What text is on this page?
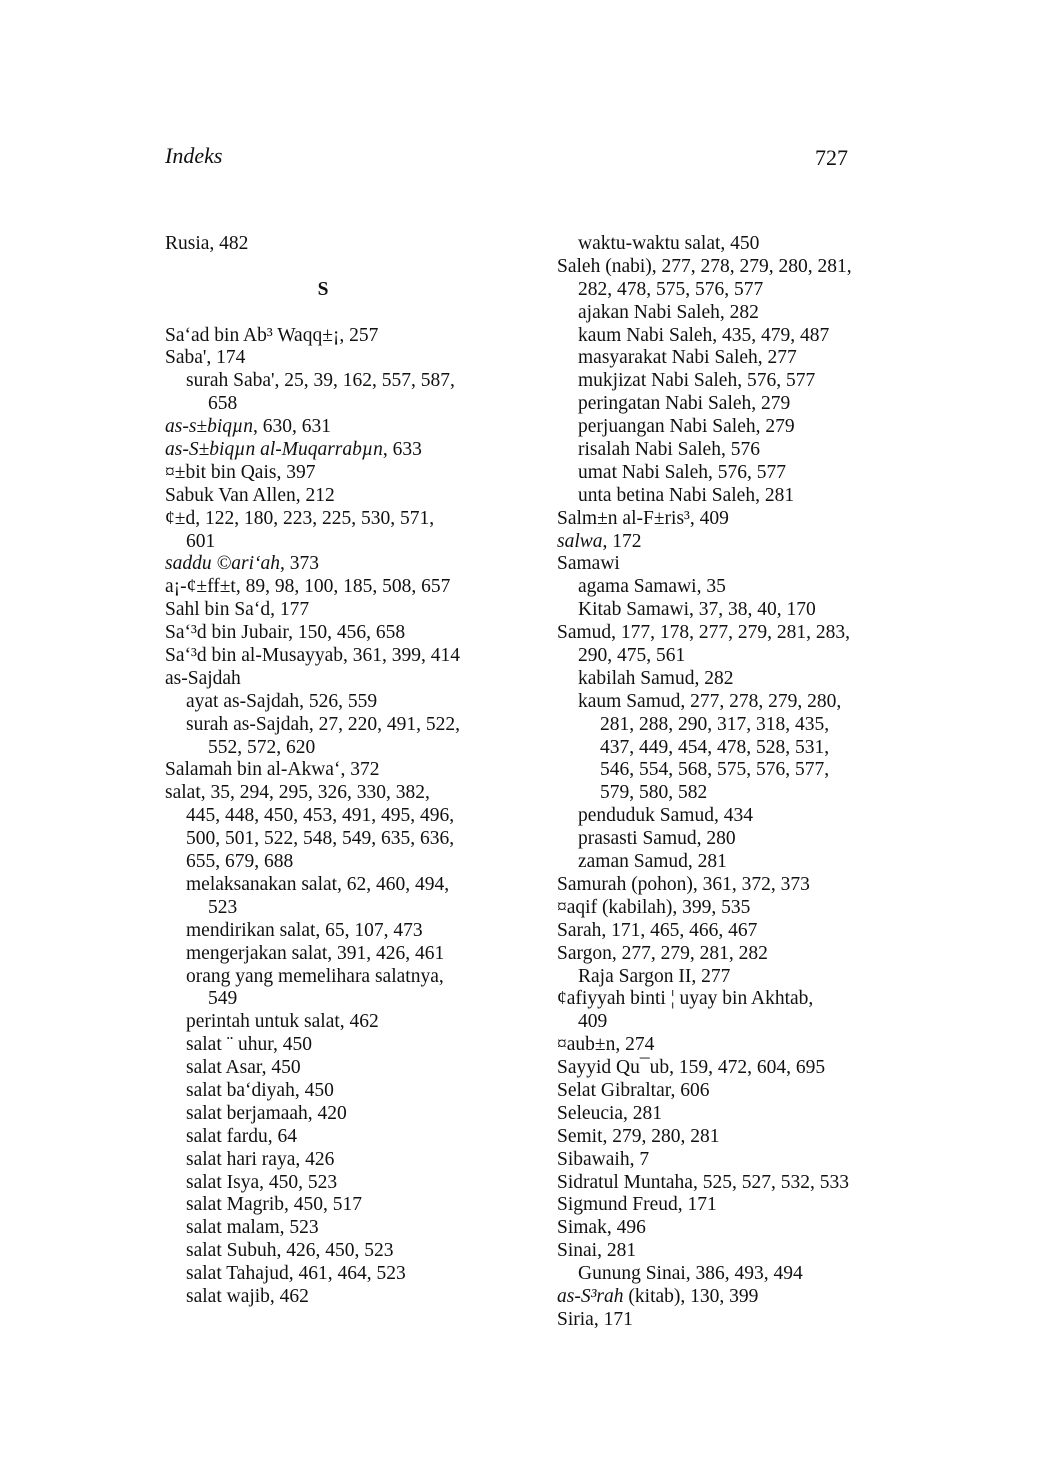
Indeks	727
Rusia, 482
S
Sa‘ad bin Ab³ Waqq±¡, 257
Saba', 174
surah Saba', 25, 39, 162, 557, 587,
658
as-s±biqµn, 630, 631
as-S±biqµn al-Muqarrabµn, 633
¤±bit bin Qais, 397
Sabuk Van Allen, 212
¢±d, 122, 180, 223, 225, 530, 571,
601
saddu ©ari‘ah, 373
a¡-¢±ff±t, 89, 98, 100, 185, 508, 657
Sahl bin Sa‘d, 177
Sa‘³d bin Jubair, 150, 456, 658
Sa‘³d bin al-Musayyab, 361, 399, 414
as-Sajdah
ayat as-Sajdah, 526, 559
surah as-Sajdah, 27, 220, 491, 522,
552, 572, 620
Salamah bin al-Akwa‘, 372
salat, 35, 294, 295, 326, 330, 382,
445, 448, 450, 453, 491, 495, 496,
500, 501, 522, 548, 549, 635, 636,
655, 679, 688
melaksanakan salat, 62, 460, 494,
523
mendirikan salat, 65, 107, 473
mengerjakan salat, 391, 426, 461
orang yang memelihara salatnya,
549
perintah untuk salat, 462
salat ¨ uhur, 450
salat Asar, 450
salat ba‘diyah, 450
salat berjamaah, 420
salat fardu, 64
salat hari raya, 426
salat Isya, 450, 523
salat Magrib, 450, 517
salat malam, 523
salat Subuh, 426, 450, 523
salat Tahajud, 461, 464, 523
salat wajib, 462
waktu-waktu salat, 450
Saleh (nabi), 277, 278, 279, 280, 281,
282, 478, 575, 576, 577
ajakan Nabi Saleh, 282
kaum Nabi Saleh, 435, 479, 487
masyarakat Nabi Saleh, 277
mukjizat Nabi Saleh, 576, 577
peringatan Nabi Saleh, 279
perjuangan Nabi Saleh, 279
risalah Nabi Saleh, 576
umat Nabi Saleh, 576, 577
unta betina Nabi Saleh, 281
Salm±n al-F±ris³, 409
salwa, 172
Samawi
agama Samawi, 35
Kitab Samawi, 37, 38, 40, 170
Samud, 177, 178, 277, 279, 281, 283,
290, 475, 561
kabilah Samud, 282
kaum Samud, 277, 278, 279, 280,
281, 288, 290, 317, 318, 435,
437, 449, 454, 478, 528, 531,
546, 554, 568, 575, 576, 577,
579, 580, 582
penduduk Samud, 434
prasasti Samud, 280
zaman Samud, 281
Samurah (pohon), 361, 372, 373
¤aqif (kabilah), 399, 535
Sarah, 171, 465, 466, 467
Sargon, 277, 279, 281, 282
Raja Sargon II, 277
¢afiyyah binti ¦ uyay bin Akhtab,
409
¤aub±n, 274
Sayyid Qu¯ub, 159, 472, 604, 695
Selat Gibraltar, 606
Seleucia, 281
Semit, 279, 280, 281
Sibawaih, 7
Sidratul Muntaha, 525, 527, 532, 533
Sigmund Freud, 171
Simak, 496
Sinai, 281
Gunung Sinai, 386, 493, 494
as-S³rah (kitab), 130, 399
Siria, 171
